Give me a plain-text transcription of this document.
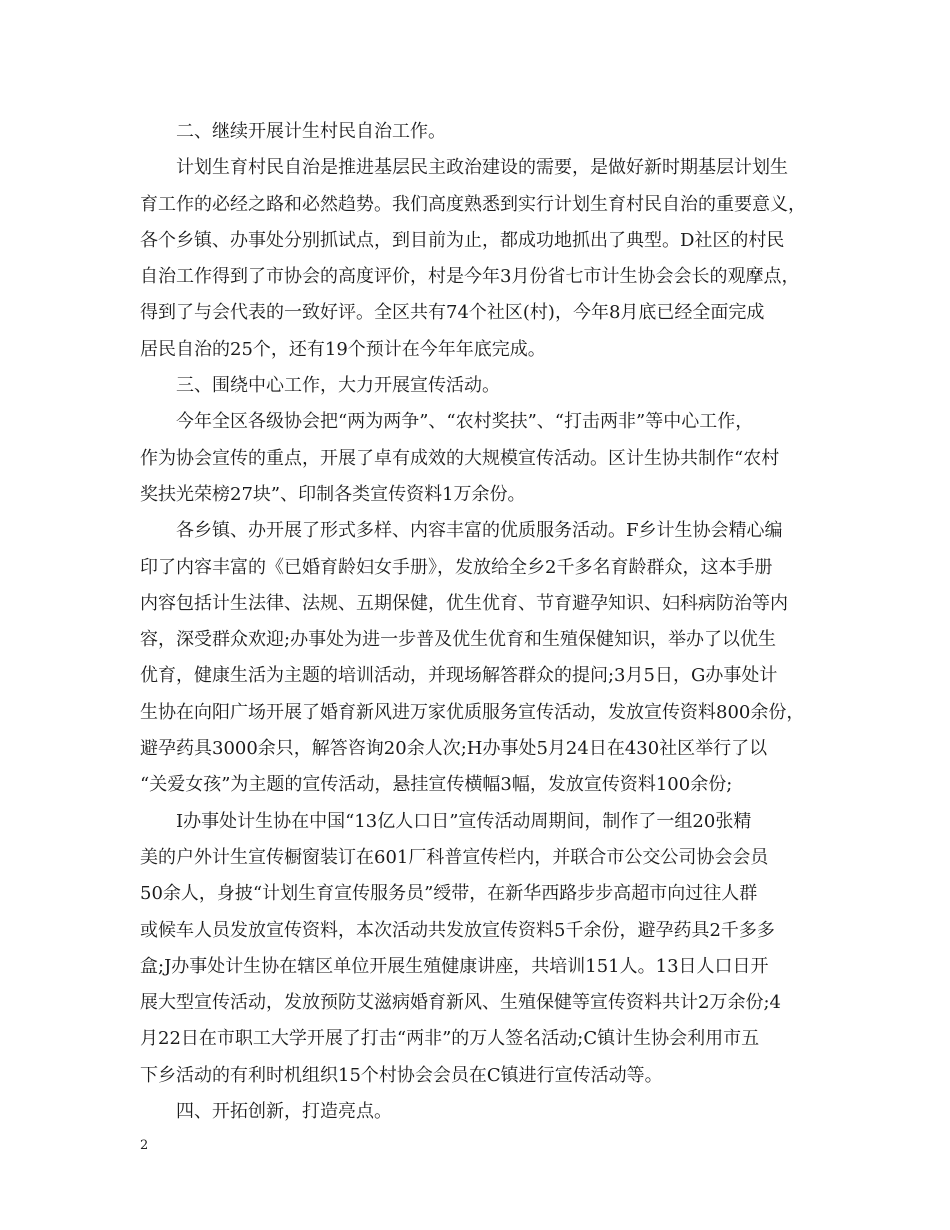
二、继续开展计生村民自治工作。
计划生育村民自治是推进基层民主政治建设的需要，是做好新时期基层计划生
育工作的必经之路和必然趋势。我们高度熟悉到实行计划生育村民自治的重要意义，
各个乡镇、办事处分别抓试点，到目前为止，都成功地抓出了典型。D社区的村民
自治工作得到了市协会的高度评价，村是今年3月份省七市计生协会会长的观摩点，
得到了与会代表的一致好评。全区共有74个社区(村)，今年8月底已经全面完成
居民自治的25个，还有19个预计在今年年底完成。
三、围绕中心工作，大力开展宣传活动。
今年全区各级协会把“两为两争”、“农村奖扶”、“打击两非”等中心工作，
作为协会宣传的重点，开展了卓有成效的大规模宣传活动。区计生协共制作“农村
奖扶光荣榜27块”、印制各类宣传资料1万余份。
各乡镇、办开展了形式多样、内容丰富的优质服务活动。F乡计生协会精心编
印了内容丰富的《已婚育龄妇女手册》，发放给全乡2千多名育龄群众，这本手册
内容包括计生法律、法规、五期保健，优生优育、节育避孕知识、妇科病防治等内
容，深受群众欢迎;办事处为进一步普及优生优育和生殖保健知识，举办了以优生
优育，健康生活为主题的培训活动，并现场解答群众的提问;3月5日，G办事处计
生协在向阳广场开展了婚育新风进万家优质服务宣传活动，发放宣传资料800余份，
避孕药具3000余只，解答咨询20余人次;H办事处5月24日在430社区举行了以
“关爱女孩”为主题的宣传活动，悬挂宣传横幅3幅，发放宣传资料100余份;
I办事处计生协在中国“13亿人口日”宣传活动周期间，制作了一组20张精
美的户外计生宣传橱窗装订在601厂科普宣传栏内，并联合市公交公司协会会员
50余人，身披“计划生育宣传服务员”绶带，在新华西路步步高超市向过往人群
或候车人员发放宣传资料，本次活动共发放宣传资料5千余份，避孕药具2千多多
盒;J办事处计生协在辖区单位开展生殖健康讲座，共培训151人。13日人口日开
展大型宣传活动，发放预防艾滋病婚育新风、生殖保健等宣传资料共计2万余份;4
月22日在市职工大学开展了打击“两非”的万人签名活动;C镇计生协会利用市五
下乡活动的有利时机组织15个村协会会员在C镇进行宣传活动等。
四、开拓创新，打造亮点。
2
